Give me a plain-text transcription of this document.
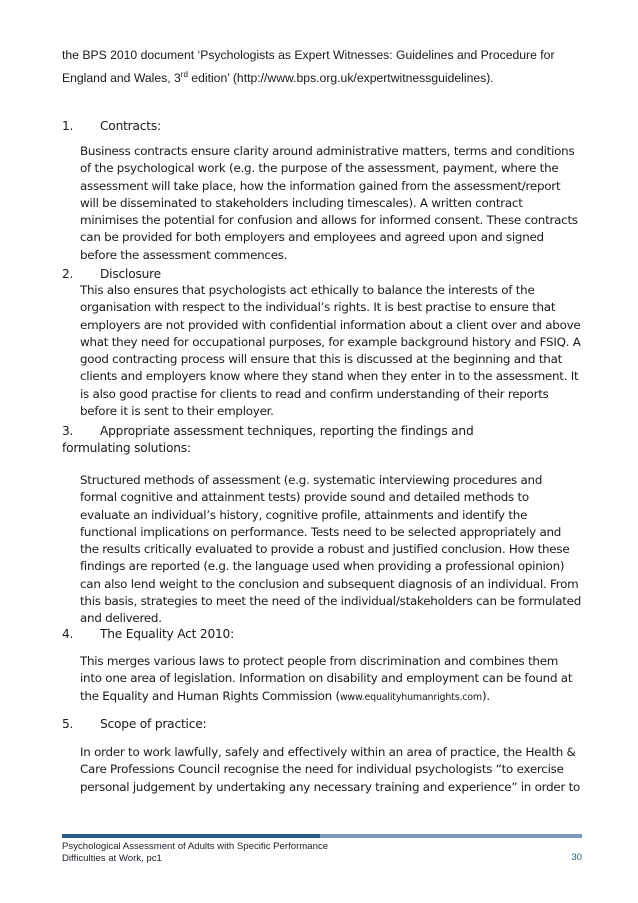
the BPS 2010 document ‘Psychologists as Expert Witnesses: Guidelines and Procedure for England and Wales, 3rd edition’ (http://www.bps.org.uk/expertwitnessguidelines).
1. Contracts:
Business contracts ensure clarity around administrative matters, terms and conditions of the psychological work (e.g. the purpose of the assessment, payment, where the assessment will take place, how the information gained from the assessment/report will be disseminated to stakeholders including timescales). A written contract minimises the potential for confusion and allows for informed consent. These contracts can be provided for both employers and employees and agreed upon and signed before the assessment commences.
2. Disclosure
This also ensures that psychologists act ethically to balance the interests of the organisation with respect to the individual’s rights. It is best practise to ensure that employers are not provided with confidential information about a client over and above what they need for occupational purposes, for example background history and FSIQ. A good contracting process will ensure that this is discussed at the beginning and that clients and employers know where they stand when they enter in to the assessment. It is also good practise for clients to read and confirm understanding of their reports before it is sent to their employer.
3. Appropriate assessment techniques, reporting the findings and formulating solutions:
Structured methods of assessment (e.g. systematic interviewing procedures and formal cognitive and attainment tests) provide sound and detailed methods to evaluate an individual’s history, cognitive profile, attainments and identify the functional implications on performance. Tests need to be selected appropriately and the results critically evaluated to provide a robust and justified conclusion. How these findings are reported (e.g. the language used when providing a professional opinion) can also lend weight to the conclusion and subsequent diagnosis of an individual. From this basis, strategies to meet the need of the individual/stakeholders can be formulated and delivered.
4. The Equality Act 2010:
This merges various laws to protect people from discrimination and combines them into one area of legislation. Information on disability and employment can be found at the Equality and Human Rights Commission (www.equalityhumanrights.com).
5. Scope of practice:
In order to work lawfully, safely and effectively within an area of practice, the Health & Care Professions Council recognise the need for individual psychologists “to exercise personal judgement by undertaking any necessary training and experience” in order to
Psychological Assessment of Adults with Specific Performance
Difficulties at Work, pc1	30
